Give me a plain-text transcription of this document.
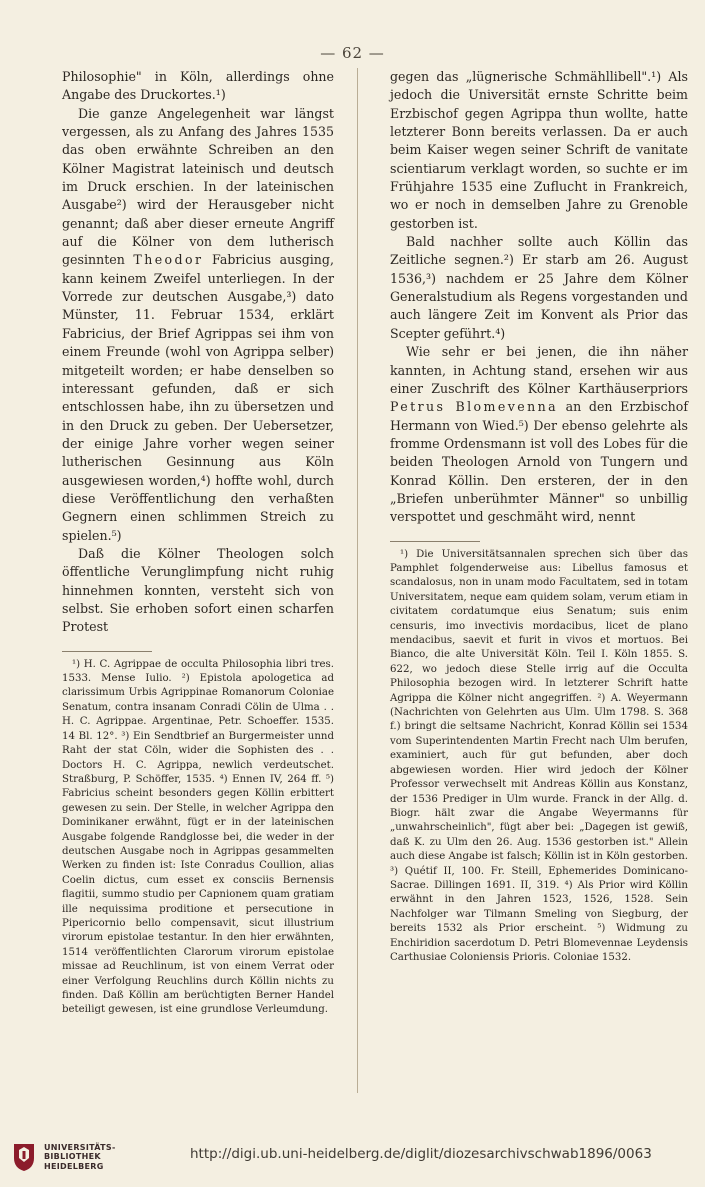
— 62 —

Philosophie" in Köln, allerdings ohne Angabe des Druckortes.¹)

Die ganze Angelegenheit war längst vergessen, als zu Anfang des Jahres 1535 das oben erwähnte Schreiben an den Kölner Magistrat lateinisch und deutsch im Druck erschien. In der lateinischen Ausgabe²) wird der Herausgeber nicht genannt; daß aber dieser erneute Angriff auf die Kölner von dem lutherisch gesinnten Theodor Fabricius ausging, kann keinem Zweifel unterliegen. In der Vorrede zur deutschen Ausgabe,³) dato Münster, 11. Februar 1534, erklärt Fabricius, der Brief Agrippas sei ihm von einem Freunde (wohl von Agrippa selber) mitgeteilt worden; er habe denselben so interessant gefunden, daß er sich entschlossen habe, ihn zu übersetzen und in den Druck zu geben. Der Uebersetzer, der einige Jahre vorher wegen seiner lutherischen Gesinnung aus Köln ausgewiesen worden,⁴) hoffte wohl, durch diese Veröffentlichung den verhaßten Gegnern einen schlimmen Streich zu spielen.⁵)

Daß die Kölner Theologen solch öffentliche Verunglimpfung nicht ruhig hinnehmen konnten, versteht sich von selbst. Sie erhoben sofort einen scharfen Protest

¹) H. C. Agrippae de occulta Philosophia libri tres. 1533. Mense Iulio. ²) Epistola apologetica ad clarissimum Urbis Agrippinae Romanorum Coloniae Senatum, contra insanam Conradi Cölin de Ulma . . H. C. Agrippae. Argentinae, Petr. Schoeffer. 1535. 14 Bl. 12°. ³) Ein Sendtbrief an Burgermeister unnd Raht der stat Cöln, wider die Sophisten des . . Doctors H. C. Agrippa, newlich verdeutschet. Straßburg, P. Schöffer, 1535. ⁴) Ennen IV, 264 ff. ⁵) Fabricius scheint besonders gegen Köllin erbittert gewesen zu sein. Der Stelle, in welcher Agrippa den Dominikaner erwähnt, fügt er in der lateinischen Ausgabe folgende Randglosse bei, die weder in der deutschen Ausgabe noch in Agrippas gesammelten Werken zu finden ist: Iste Conradus Coullion, alias Coelin dictus, cum esset ex consciis Bernensis flagitii, summo studio per Capnionem quam gratiam ille nequissima proditione et persecutione in Pipericornio bello compensavit, sicut illustrium virorum epistolae testantur. In den hier erwähnten, 1514 veröffentlichten Clarorum virorum epistolae missae ad Reuchlinum, ist von einem Verrat oder einer Verfolgung Reuchlins durch Köllin nichts zu finden. Daß Köllin am berüchtigten Berner Handel beteiligt gewesen, ist eine grundlose Verleumdung.

gegen das „lügnerische Schmähllibell".¹) Als jedoch die Universität ernste Schritte beim Erzbischof gegen Agrippa thun wollte, hatte letzterer Bonn bereits verlassen. Da er auch beim Kaiser wegen seiner Schrift de vanitate scientiarum verklagt worden, so suchte er im Frühjahre 1535 eine Zuflucht in Frankreich, wo er noch in demselben Jahre zu Grenoble gestorben ist.

Bald nachher sollte auch Köllin das Zeitliche segnen.²) Er starb am 26. August 1536,³) nachdem er 25 Jahre dem Kölner Generalstudium als Regens vorgestanden und auch längere Zeit im Konvent als Prior das Scepter geführt.⁴)

Wie sehr er bei jenen, die ihn näher kannten, in Achtung stand, ersehen wir aus einer Zuschrift des Kölner Karthäuserpriors Petrus Blomevenna an den Erzbischof Hermann von Wied.⁵) Der ebenso gelehrte als fromme Ordensmann ist voll des Lobes für die beiden Theologen Arnold von Tungern und Konrad Köllin. Den ersteren, der in den „Briefen unberühmter Männer" so unbillig verspottet und geschmäht wird, nennt

¹) Die Universitätsannalen sprechen sich über das Pamphlet folgenderweise aus: Libellus famosus et scandalosus, non in unam modo Facultatem, sed in totam Universitatem, neque eam quidem solam, verum etiam in civitatem cordatumque eius Senatum; suis enim censuris, imo invectivis mordacibus, licet de plano mendacibus, saevit et furit in vivos et mortuos. Bei Bianco, die alte Universität Köln. Teil I. Köln 1855. S. 622, wo jedoch diese Stelle irrig auf die Occulta Philosophia bezogen wird. In letzterer Schrift hatte Agrippa die Kölner nicht angegriffen. ²) A. Weyermann (Nachrichten von Gelehrten aus Ulm. Ulm 1798. S. 368 f.) bringt die seltsame Nachricht, Konrad Köllin sei 1534 vom Superintendenten Martin Frecht nach Ulm berufen, examiniert, auch für gut befunden, aber doch abgewiesen worden. Hier wird jedoch der Kölner Professor verwechselt mit Andreas Köllin aus Konstanz, der 1536 Prediger in Ulm wurde. Franck in der Allg. d. Biogr. hält zwar die Angabe Weyermanns für „unwahrscheinlich", fügt aber bei: „Dagegen ist gewiß, daß K. zu Ulm den 26. Aug. 1536 gestorben ist." Allein auch diese Angabe ist falsch; Köllin ist in Köln gestorben. ³) Quétif II, 100. Fr. Steill, Ephemerides Dominicano-Sacrae. Dillingen 1691. II, 319. ⁴) Als Prior wird Köllin erwähnt in den Jahren 1523, 1526, 1528. Sein Nachfolger war Tilmann Smeling von Siegburg, der bereits 1532 als Prior erscheint. ⁵) Widmung zu Enchiridion sacerdotum D. Petri Blomevennae Leydensis Carthusiae Coloniensis Prioris. Coloniae 1532.

UNIVERSITÄTS-
BIBLIOTHEK
HEIDELBERG
http://digi.ub.uni-heidelberg.de/diglit/diozesarchivschwab1896/0063
